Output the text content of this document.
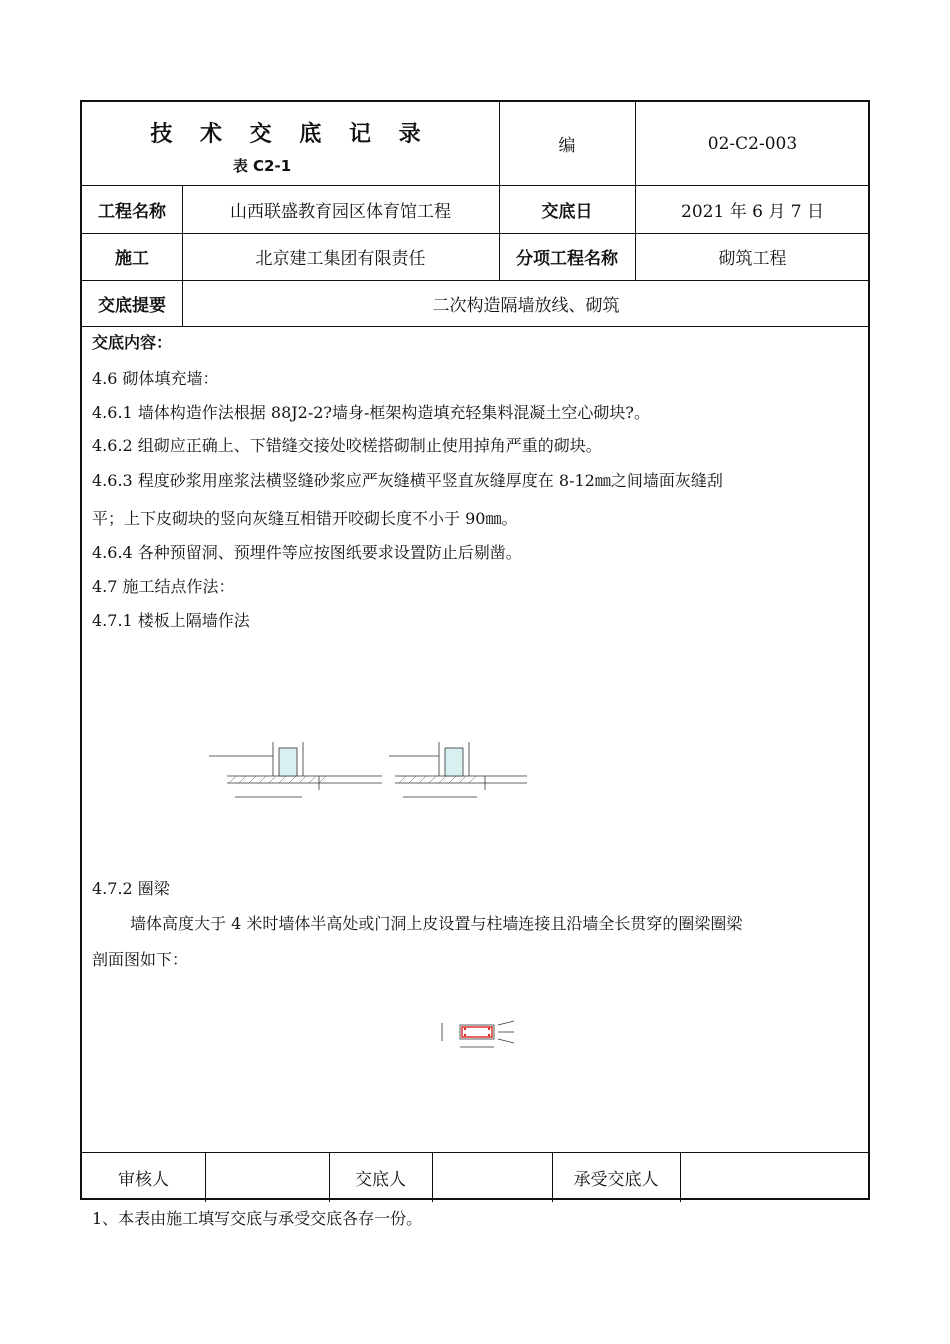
技 术 交 底 记 录
表 C2-1
编	02-C2-003
工程名称	山西联盛教育园区体育馆工程	交底日	2021 年 6 月 7 日
施工	北京建工集团有限责任	分项工程名称	砌筑工程
交底提要	二次构造隔墙放线、砌筑
交底内容：
4.6 砌体填充墙：
4.6.1 墙体构造作法根据 88J2-2?墙身-框架构造填充轻集料混凝土空心砌块?。
4.6.2 组砌应正确上、下错缝交接处咬槎搭砌制止使用掉角严重的砌块。
4.6.3 程度砂浆用座浆法横竖缝砂浆应严灰缝横平竖直灰缝厚度在 8-12㎜之间墙面灰缝刮
平；上下皮砌块的竖向灰缝互相错开咬砌长度不小于 90㎜。
4.6.4 各种预留洞、预埋件等应按图纸要求设置防止后剔凿。
4.7 施工结点作法：
4.7.1 楼板上隔墙作法
4.7.2 圈梁
墙体高度大于 4 米时墙体半高处或门洞上皮设置与柱墙连接且沿墙全长贯穿的圈梁圈梁
剖面图如下：
审核人	交底人	承受交底人
1、本表由施工填写交底与承受交底各存一份。
